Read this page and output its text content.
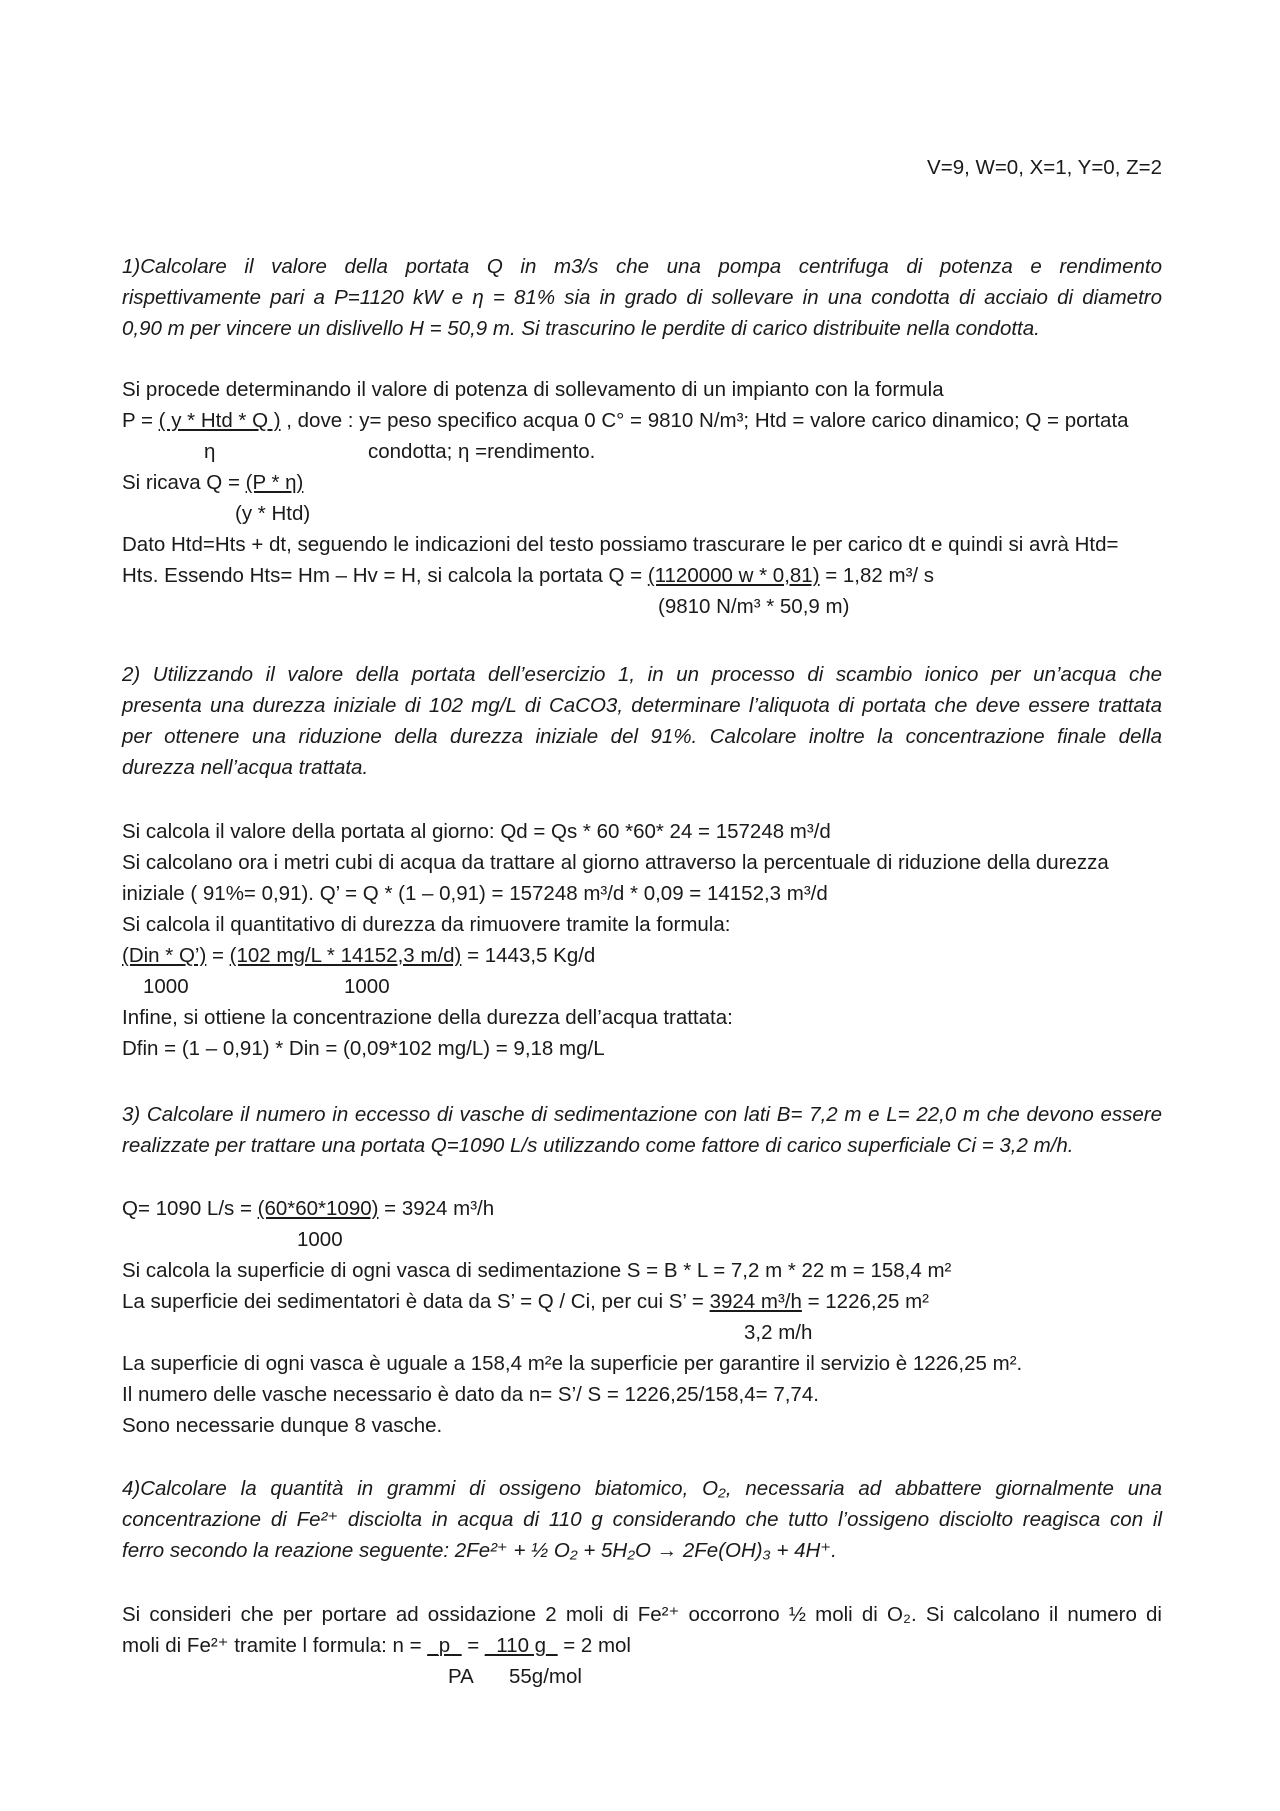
V=9, W=0, X=1, Y=0, Z=2
1)Calcolare il valore della portata Q in m3/s che una pompa centrifuga di potenza e rendimento
rispettivamente pari a P=1120 kW e η = 81% sia in grado di sollevare in una condotta di acciaio di diametro
0,90 m per vincere un dislivello H = 50,9 m. Si trascurino le perdite di carico distribuite nella condotta.
Si procede determinando il valore di potenza di sollevamento di un impianto con la formula
P = ( y * Htd * Q ) , dove : y= peso specifico acqua 0 C° = 9810 N/m³; Htd = valore carico dinamico; Q = portata
η	condotta; η =rendimento.
Si ricava Q = (P * η)
(y * Htd)
Dato Htd=Hts + dt, seguendo le indicazioni del testo possiamo trascurare le per carico dt e quindi si avrà Htd=
Hts. Essendo Hts= Hm – Hv = H, si calcola la portata Q = (1120000 w * 0,81) = 1,82 m³/ s
(9810 N/m³ * 50,9 m)
2) Utilizzando il valore della portata dell’esercizio 1, in un processo di scambio ionico per un’acqua che
presenta una durezza iniziale di 102 mg/L di CaCO3, determinare l’aliquota di portata che deve essere trattata
per ottenere una riduzione della durezza iniziale del 91%. Calcolare inoltre la concentrazione finale della
durezza nell’acqua trattata.
Si calcola il valore della portata al giorno: Qd = Qs * 60 *60* 24 = 157248 m³/d
Si calcolano ora i metri cubi di acqua da trattare al giorno attraverso la percentuale di riduzione della durezza
iniziale ( 91%= 0,91). Q’ = Q * (1 – 0,91) = 157248 m³/d * 0,09 = 14152,3 m³/d
Si calcola il quantitativo di durezza da rimuovere tramite la formula:
(Din * Q’) = (102 mg/L * 14152,3 m/d) = 1443,5 Kg/d
1000	1000
Infine, si ottiene la concentrazione della durezza dell’acqua trattata:
Dfin = (1 – 0,91) * Din = (0,09*102 mg/L) = 9,18 mg/L
3) Calcolare il numero in eccesso di vasche di sedimentazione con lati B= 7,2 m e L= 22,0 m che devono essere
realizzate per trattare una portata Q=1090 L/s utilizzando come fattore di carico superficiale Ci = 3,2 m/h.
Q= 1090 L/s = (60*60*1090) = 3924 m³/h
1000
Si calcola la superficie di ogni vasca di sedimentazione S = B * L = 7,2 m * 22 m = 158,4 m²
La superficie dei sedimentatori è data da S’ = Q / Ci, per cui S’ = 3924 m³/h = 1226,25 m²
3,2 m/h
La superficie di ogni vasca è uguale a 158,4 m²e la superficie per garantire il servizio è 1226,25 m².
Il numero delle vasche necessario è dato da n= S’/ S = 1226,25/158,4= 7,74.
Sono necessarie dunque 8 vasche.
4)Calcolare la quantità in grammi di ossigeno biatomico, O₂, necessaria ad abbattere giornalmente una
concentrazione di Fe²⁺ disciolta in acqua di 110 g considerando che tutto l’ossigeno disciolto reagisca con il
ferro secondo la reazione seguente: 2Fe²⁺ + ½ O₂ + 5H₂O → 2Fe(OH)₃ + 4H⁺.
Si consideri che per portare ad ossidazione 2 moli di Fe²⁺ occorrono ½ moli di O₂. Si calcolano il numero di
moli di Fe²⁺ tramite l formula: n = _p_ = _110 g_ = 2 mol
PA 55g/mol
